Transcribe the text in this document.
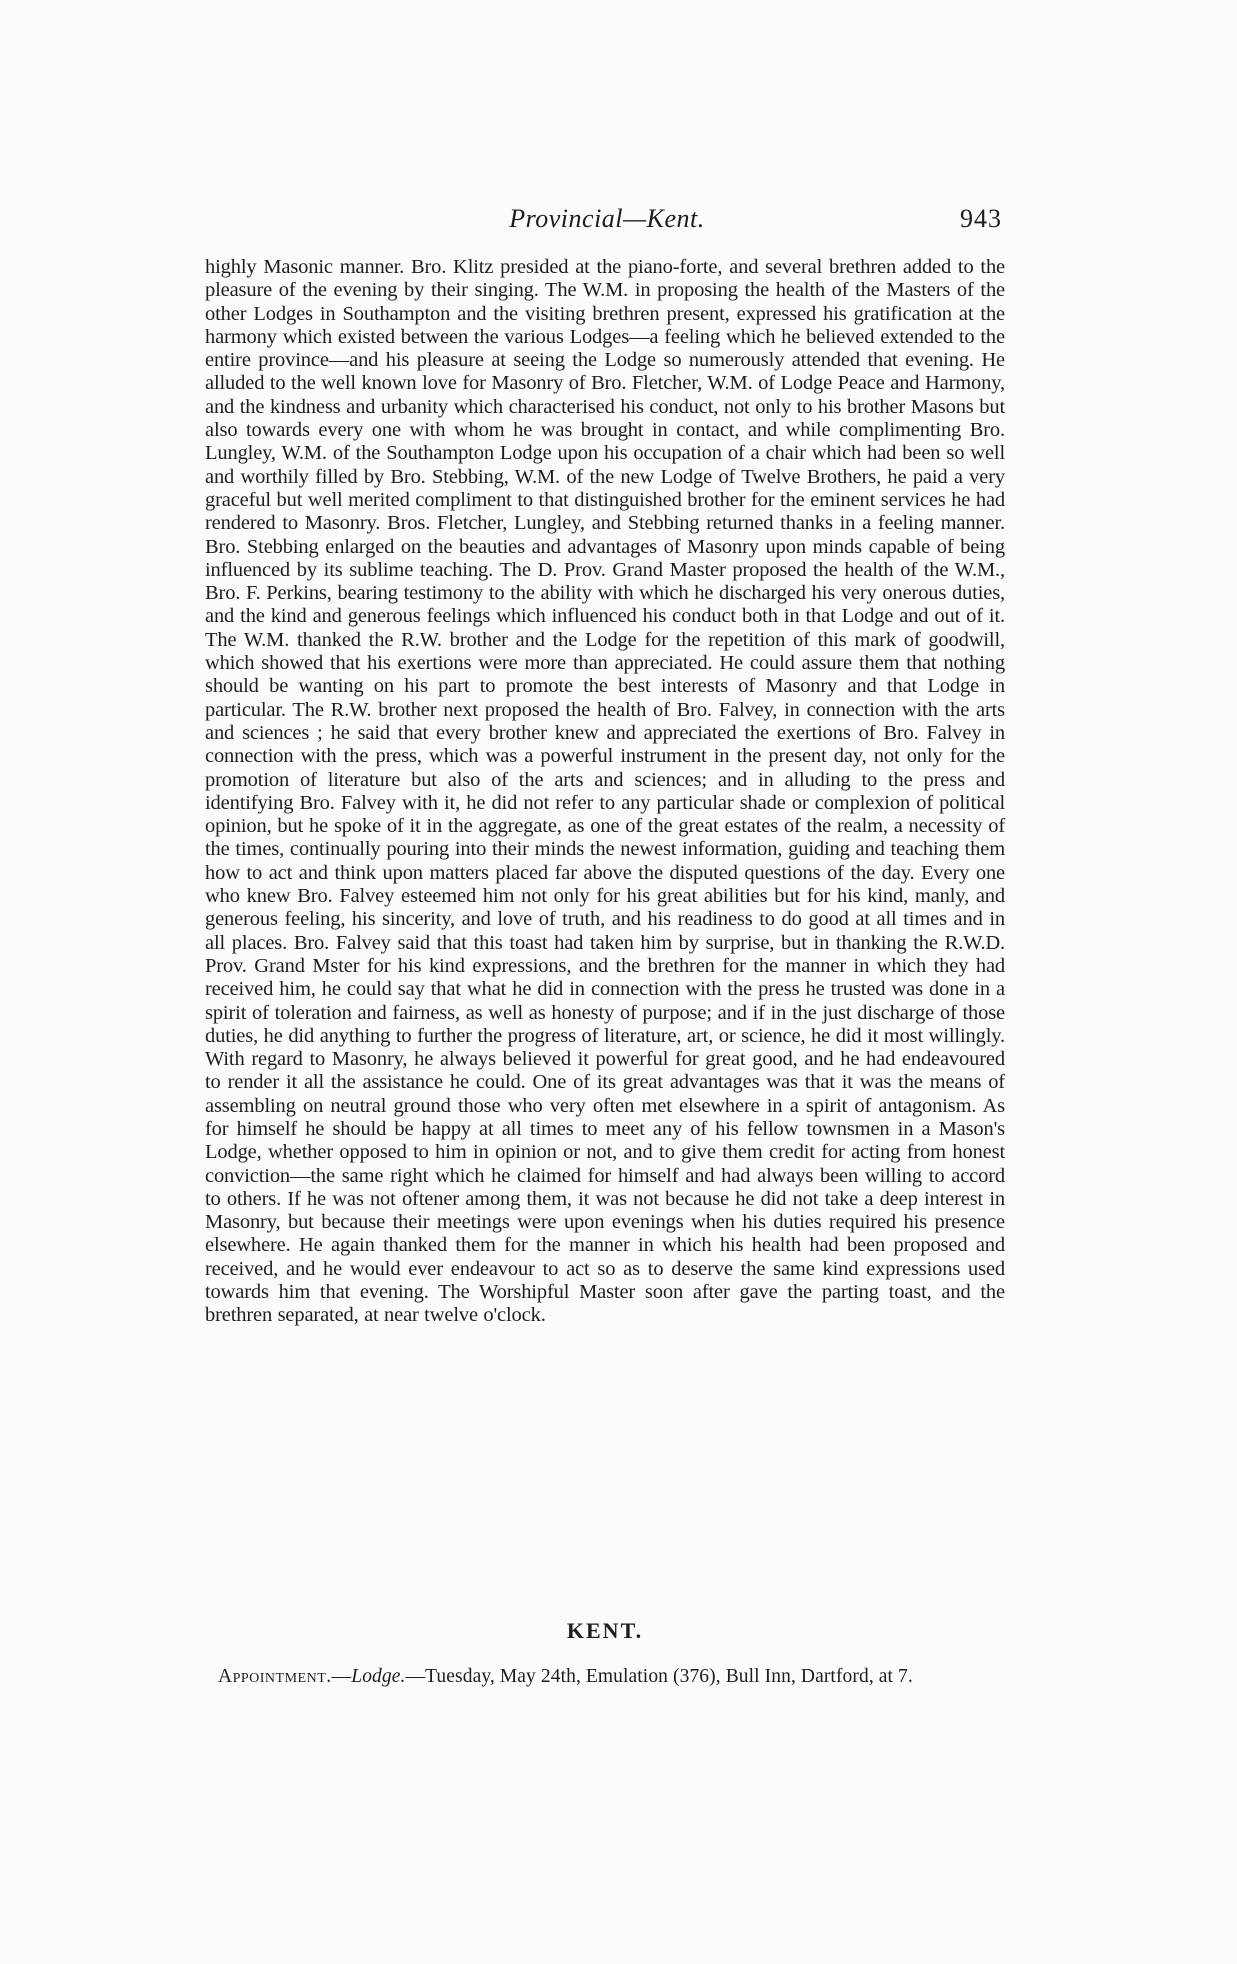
Provincial—Kent.	943

highly Masonic manner. Bro. Klitz presided at the piano-forte, and several brethren added to the pleasure of the evening by their singing. The W.M. in proposing the health of the Masters of the other Lodges in Southampton and the visiting brethren present, expressed his gratification at the harmony which existed between the various Lodges—a feeling which he believed extended to the entire province—and his pleasure at seeing the Lodge so numerously attended that evening. He alluded to the well known love for Masonry of Bro. Fletcher, W.M. of Lodge Peace and Harmony, and the kindness and urbanity which characterised his conduct, not only to his brother Masons but also towards every one with whom he was brought in contact, and while complimenting Bro. Lungley, W.M. of the Southampton Lodge upon his occupation of a chair which had been so well and worthily filled by Bro. Stebbing, W.M. of the new Lodge of Twelve Brothers, he paid a very graceful but well merited compliment to that distinguished brother for the eminent services he had rendered to Masonry. Bros. Fletcher, Lungley, and Stebbing returned thanks in a feeling manner. Bro. Stebbing enlarged on the beauties and advantages of Masonry upon minds capable of being influenced by its sublime teaching. The D. Prov. Grand Master proposed the health of the W.M., Bro. F. Perkins, bearing testimony to the ability with which he discharged his very onerous duties, and the kind and generous feelings which influenced his conduct both in that Lodge and out of it. The W.M. thanked the R.W. brother and the Lodge for the repetition of this mark of goodwill, which showed that his exertions were more than appreciated. He could assure them that nothing should be wanting on his part to promote the best interests of Masonry and that Lodge in particular. The R.W. brother next proposed the health of Bro. Falvey, in connection with the arts and sciences ; he said that every brother knew and appreciated the exertions of Bro. Falvey in connection with the press, which was a powerful instrument in the present day, not only for the promotion of literature but also of the arts and sciences; and in alluding to the press and identifying Bro. Falvey with it, he did not refer to any particular shade or complexion of political opinion, but he spoke of it in the aggregate, as one of the great estates of the realm, a necessity of the times, continually pouring into their minds the newest information, guiding and teaching them how to act and think upon matters placed far above the disputed questions of the day. Every one who knew Bro. Falvey esteemed him not only for his great abilities but for his kind, manly, and generous feeling, his sincerity, and love of truth, and his readiness to do good at all times and in all places. Bro. Falvey said that this toast had taken him by surprise, but in thanking the R.W.D. Prov. Grand Mster for his kind expressions, and the brethren for the manner in which they had received him, he could say that what he did in connection with the press he trusted was done in a spirit of toleration and fairness, as well as honesty of purpose; and if in the just discharge of those duties, he did anything to further the progress of literature, art, or science, he did it most willingly. With regard to Masonry, he always believed it powerful for great good, and he had endeavoured to render it all the assistance he could. One of its great advantages was that it was the means of assembling on neutral ground those who very often met elsewhere in a spirit of antagonism. As for himself he should be happy at all times to meet any of his fellow townsmen in a Mason's Lodge, whether opposed to him in opinion or not, and to give them credit for acting from honest conviction—the same right which he claimed for himself and had always been willing to accord to others. If he was not oftener among them, it was not because he did not take a deep interest in Masonry, but because their meetings were upon evenings when his duties required his presence elsewhere. He again thanked them for the manner in which his health had been proposed and received, and he would ever endeavour to act so as to deserve the same kind expressions used towards him that evening. The Worshipful Master soon after gave the parting toast, and the brethren separated, at near twelve o'clock.

KENT.

Appointment.—Lodge.—Tuesday, May 24th, Emulation (376), Bull Inn, Dartford, at 7.
